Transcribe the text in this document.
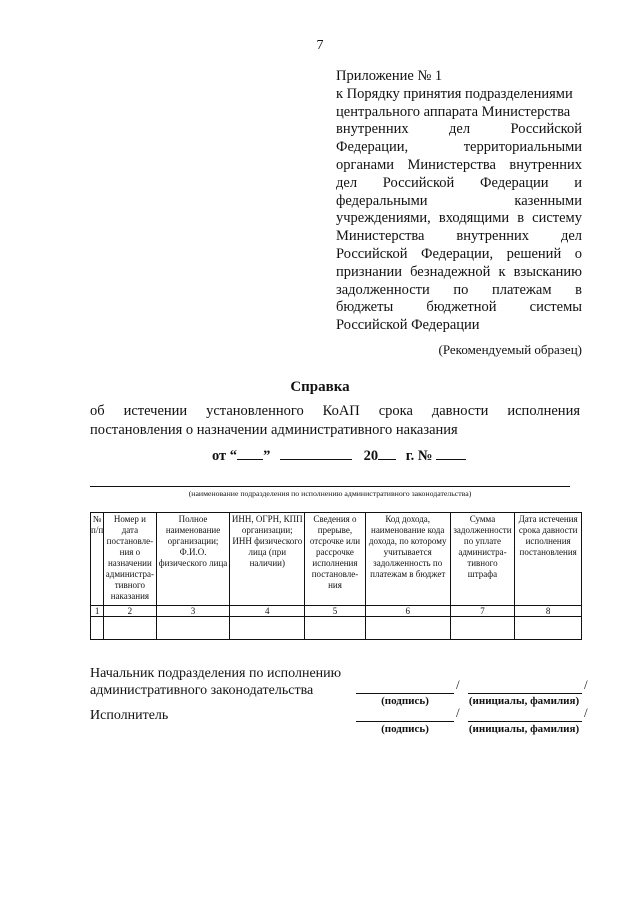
7
Приложение № 1
к Порядку принятия подразделениями
центрального аппарата Министерства
внутренних дел Российской
Федерации, территориальными
органами Министерства внутренних
дел Российской Федерации и
федеральными казенными
учреждениями, входящими в систему
Министерства внутренних дел
Российской Федерации, решений о
признании безнадежной к взысканию
задолженности по платежам в
бюджеты бюджетной системы
Российской Федерации
(Рекомендуемый образец)
Справка
об истечении установленного КоАП срока давности исполнения
постановления о назначении административного наказания
от “ ”	20 г. №
(наименование подразделения по исполнению административного законодательства)
№ п/п	Номер и дата постановле-ния о назначении администра-тивного наказания	Полное наименование организации; Ф.И.О. физического лица	ИНН, ОГРН, КПП организации; ИНН физического лица (при наличии)	Сведения о прерыве, отсрочке или рассрочке исполнения постановле-ния	Код дохода, наименование кода дохода, по которому учитывается задолженность по платежам в бюджет	Сумма задолженности по уплате администра-тивного штрафа	Дата истечения срока давности исполнения постановления
1	2	3	4	5	6	7	8

Начальник подразделения по исполнению
административного законодательства	/	/
(подпись)	(инициалы, фамилия)
Исполнитель	/	/
(подпись)	(инициалы, фамилия)
